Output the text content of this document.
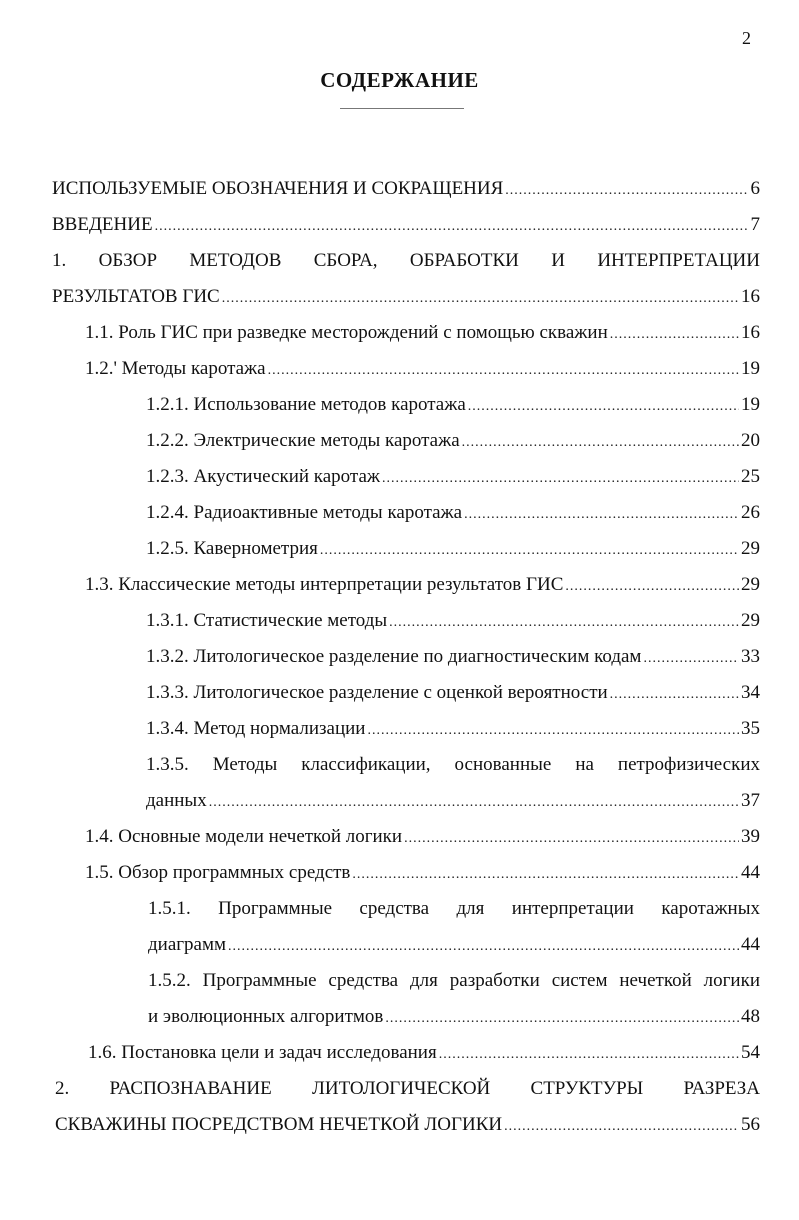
2
СОДЕРЖАНИЕ
ИСПОЛЬЗУЕМЫЕ ОБОЗНАЧЕНИЯ И СОКРАЩЕНИЯ .....	6
ВВЕДЕНИЕ .....	7
1. ОБЗОР МЕТОДОВ СБОРА, ОБРАБОТКИ И ИНТЕРПРЕТАЦИИ
РЕЗУЛЬТАТОВ ГИС .....	16
1.1. Роль ГИС при разведке месторождений с помощью скважин .....	16
1.2.' Методы каротажа .....	19
1.2.1. Использование методов каротажа .....	19
1.2.2. Электрические методы каротажа .....	20
1.2.3. Акустический каротаж .....	25
1.2.4. Радиоактивные методы каротажа .....	26
1.2.5. Кавернометрия .....	29
1.3. Классические методы интерпретации результатов ГИС .....	29
1.3.1. Статистические методы .....	29
1.3.2. Литологическое разделение по диагностическим кодам .....	33
1.3.3. Литологическое разделение с оценкой вероятности .....	34
1.3.4. Метод нормализации .....	35
1.3.5. Методы классификации, основанные на петрофизических
данных .....	37
1.4. Основные модели нечеткой логики .....	39
1.5. Обзор программных средств .....	44
1.5.1. Программные средства для интерпретации каротажных
диаграмм .....	44
1.5.2. Программные средства для разработки систем нечеткой логики
и эволюционных алгоритмов .....	48
1.6. Постановка цели и задач исследования .....	54
2. РАСПОЗНАВАНИЕ ЛИТОЛОГИЧЕСКОЙ СТРУКТУРЫ РАЗРЕЗА
СКВАЖИНЫ ПОСРЕДСТВОМ НЕЧЕТКОЙ ЛОГИКИ .....	56
